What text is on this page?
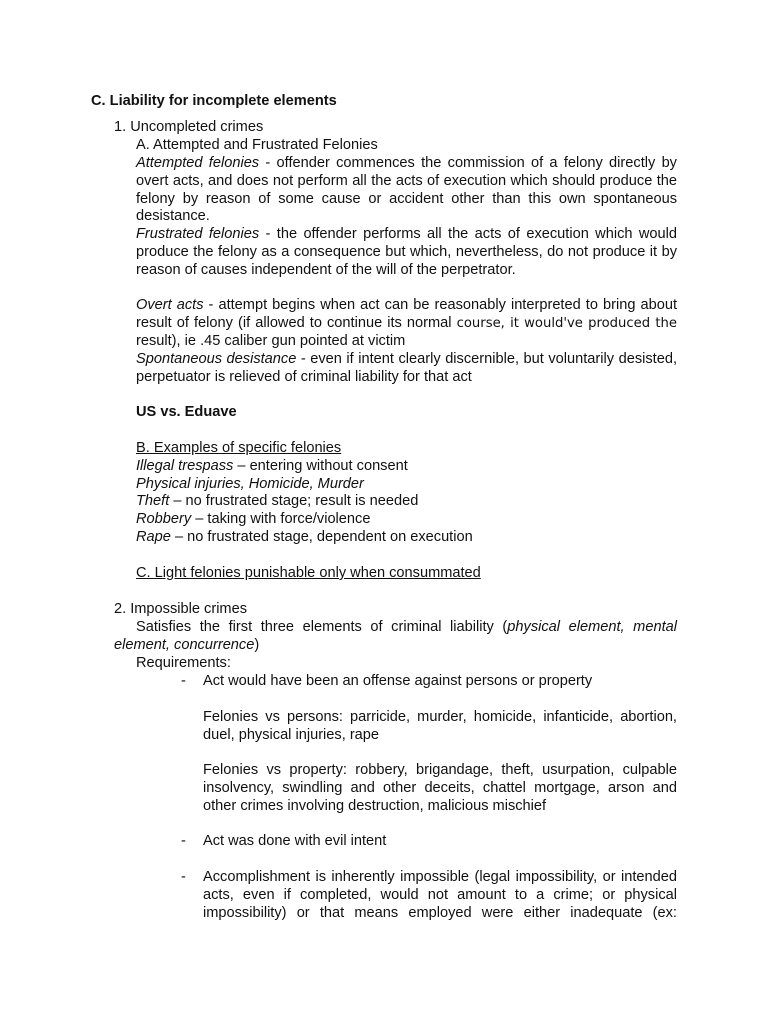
C. Liability for incomplete elements
1. Uncompleted crimes
A. Attempted and Frustrated Felonies

Attempted felonies - offender commences the commission of a felony directly by overt acts, and does not perform all the acts of execution which should produce the felony by reason of some cause or accident other than this own spontaneous desistance.

Frustrated felonies - the offender performs all the acts of execution which would produce the felony as a consequence but which, nevertheless, do not produce it by reason of causes independent of the will of the perpetrator.

Overt acts - attempt begins when act can be reasonably interpreted to bring about result of felony (if allowed to continue its normal course, it would've produced the result), ie .45 caliber gun pointed at victim

Spontaneous desistance - even if intent clearly discernible, but voluntarily desisted, perpetuator is relieved of criminal liability for that act

US vs. Eduave
B. Examples of specific felonies
Illegal trespass – entering without consent
Physical injuries, Homicide, Murder
Theft – no frustrated stage; result is needed
Robbery – taking with force/violence
Rape – no frustrated stage, dependent on execution
C. Light felonies punishable only when consummated
2. Impossible crimes

Satisfies the first three elements of criminal liability (physical element, mental element, concurrence)

Requirements:
- Act would have been an offense against persons or property

Felonies vs persons: parricide, murder, homicide, infanticide, abortion, duel, physical injuries, rape

Felonies vs property: robbery, brigandage, theft, usurpation, culpable insolvency, swindling and other deceits, chattel mortgage, arson and other crimes involving destruction, malicious mischief

- Act was done with evil intent
- Accomplishment is inherently impossible (legal impossibility, or intended acts, even if completed, would not amount to a crime; or physical impossibility) or that means employed were either inadequate (ex:
